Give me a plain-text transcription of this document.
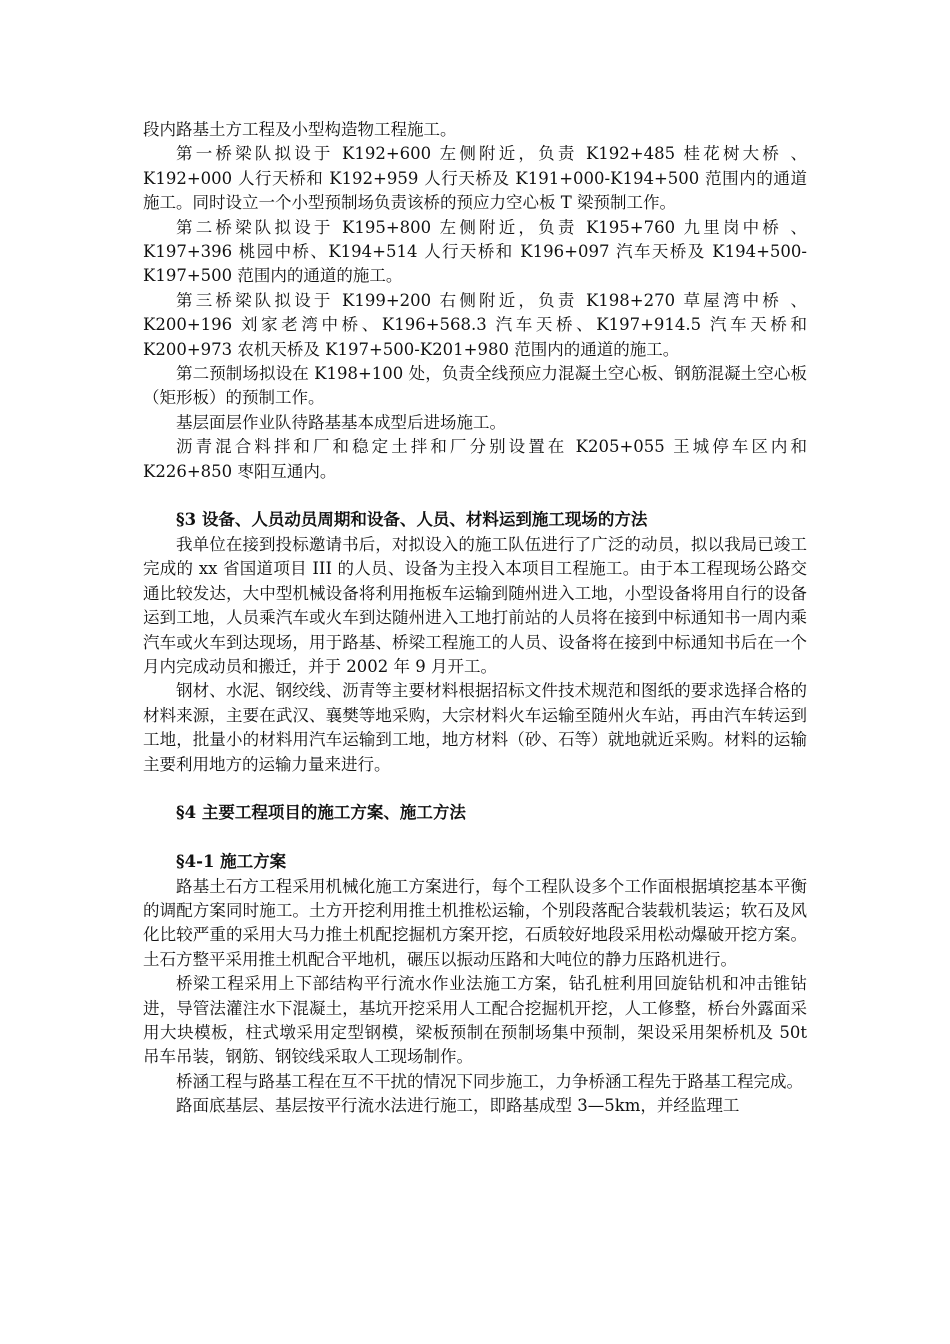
段内路基土方工程及小型构造物工程施工。

第一桥梁队拟设于 K192+600 左侧附近，负责 K192+485 桂花树大桥 、K192+000 人行天桥和 K192+959 人行天桥及 K191+000-K194+500 范围内的通道施工。同时设立一个小型预制场负责该桥的预应力空心板 T 梁预制工作。

第二桥梁队拟设于 K195+800 左侧附近，负责 K195+760 九里岗中桥 、K197+396 桃园中桥、K194+514 人行天桥和 K196+097 汽车天桥及 K194+500-K197+500 范围内的通道的施工。

第三桥梁队拟设于 K199+200 右侧附近，负责 K198+270 草屋湾中桥 、K200+196 刘家老湾中桥、K196+568.3 汽车天桥、K197+914.5 汽车天桥和 K200+973 农机天桥及 K197+500-K201+980 范围内的通道的施工。

第二预制场拟设在 K198+100 处，负责全线预应力混凝土空心板、钢筋混凝土空心板（矩形板）的预制工作。

基层面层作业队待路基基本成型后进场施工。

沥青混合料拌和厂和稳定土拌和厂分别设置在 K205+055 王城停车区内和 K226+850 枣阳互通内。

§3 设备、人员动员周期和设备、人员、材料运到施工现场的方法

我单位在接到投标邀请书后，对拟设入的施工队伍进行了广泛的动员，拟以我局已竣工完成的 xx 省国道项目 III 的人员、设备为主投入本项目工程施工。由于本工程现场公路交通比较发达，大中型机械设备将利用拖板车运输到随州进入工地，小型设备将用自行的设备运到工地，人员乘汽车或火车到达随州进入工地打前站的人员将在接到中标通知书一周内乘汽车或火车到达现场，用于路基、桥梁工程施工的人员、设备将在接到中标通知书后在一个月内完成动员和搬迁，并于 2002 年 9 月开工。

钢材、水泥、钢绞线、沥青等主要材料根据招标文件技术规范和图纸的要求选择合格的材料来源，主要在武汉、襄樊等地采购，大宗材料火车运输至随州火车站，再由汽车转运到工地，批量小的材料用汽车运输到工地，地方材料（砂、石等）就地就近采购。材料的运输主要利用地方的运输力量来进行。

§4 主要工程项目的施工方案、施工方法

§4-1 施工方案

路基土石方工程采用机械化施工方案进行，每个工程队设多个工作面根据填挖基本平衡的调配方案同时施工。土方开挖利用推土机推松运输，个别段落配合装载机装运；软石及风化比较严重的采用大马力推土机配挖掘机方案开挖，石质较好地段采用松动爆破开挖方案。土石方整平采用推土机配合平地机，碾压以振动压路和大吨位的静力压路机进行。

桥梁工程采用上下部结构平行流水作业法施工方案，钻孔桩利用回旋钻机和冲击锥钻进，导管法灌注水下混凝土，基坑开挖采用人工配合挖掘机开挖，人工修整，桥台外露面采用大块模板，柱式墩采用定型钢模，梁板预制在预制场集中预制，架设采用架桥机及 50t 吊车吊装，钢筋、钢铰线采取人工现场制作。

桥涵工程与路基工程在互不干扰的情况下同步施工，力争桥涵工程先于路基工程完成。

路面底基层、基层按平行流水法进行施工，即路基成型 3—5km，并经监理工
